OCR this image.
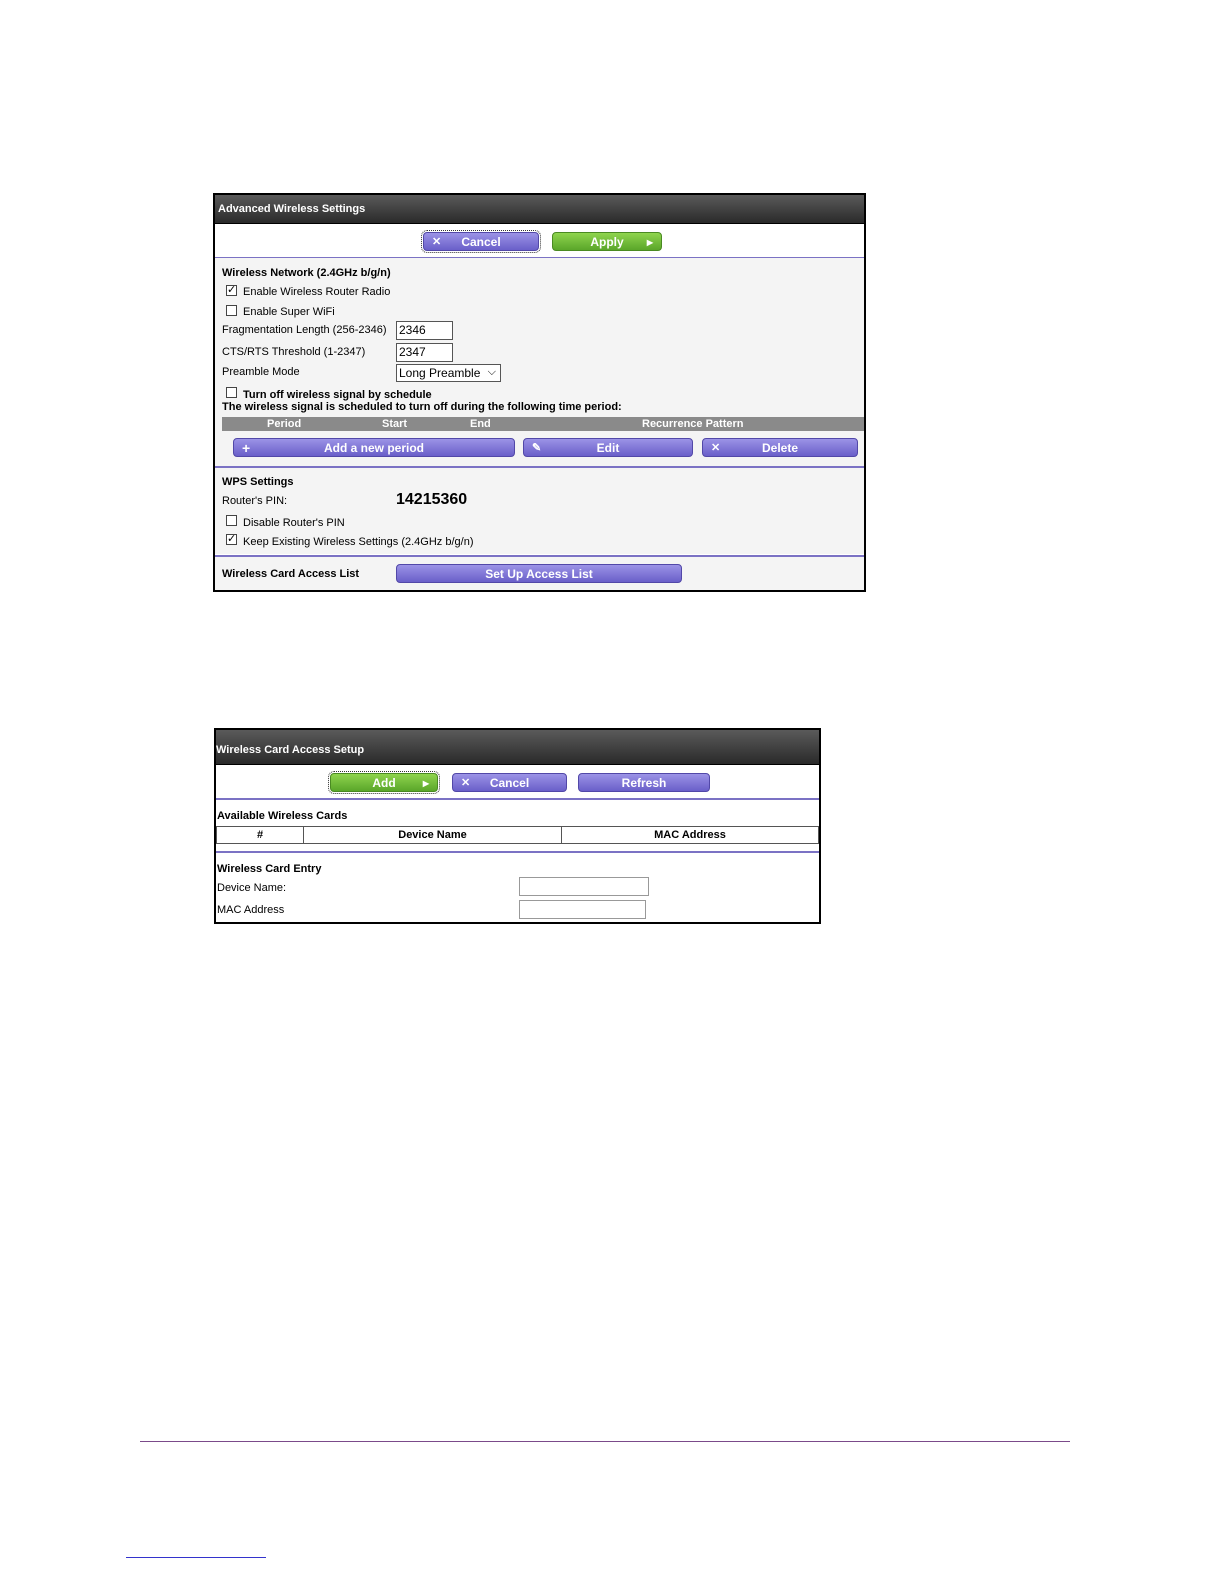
Advanced Wireless Settings
✕ Cancel	Apply	▶
Wireless Network (2.4GHz b/g/n)
✓ Enable Wireless Router Radio
Enable Super WiFi
Fragmentation Length (256-2346) 2346
CTS/RTS Threshold (1-2347)	2347
Preamble Mode	Long Preamble ⌵
Turn off wireless signal by schedule
The wireless signal is scheduled to turn off during the following time period:
Period	Start	End	Recurrence Pattern
+	Add a new period	✎	Edit	✕	Delete
WPS Settings
Router's PIN:	14215360
Disable Router's PIN
✓ Keep Existing Wireless Settings (2.4GHz b/g/n)
Wireless Card Access List	Set Up Access List
Wireless Card Access Setup
Add	▶	✕ Cancel	Refresh
Available Wireless Cards
#	Device Name	MAC Address
Wireless Card Entry
Device Name:
MAC Address
